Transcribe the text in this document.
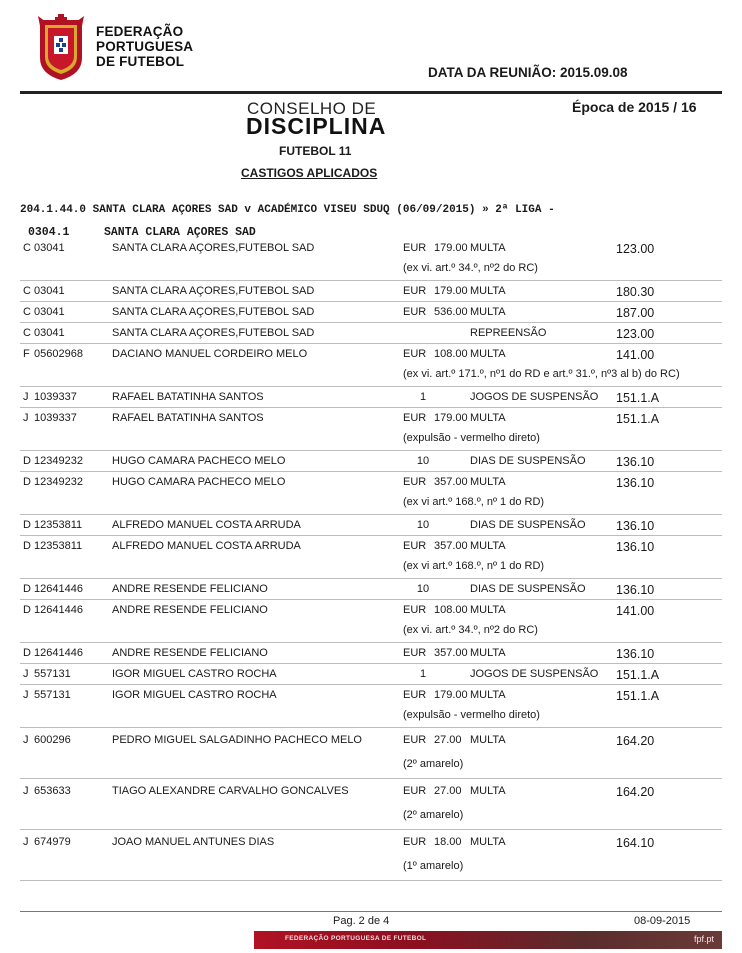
FEDERAÇÃO
PORTUGUESA
DE FUTEBOL
DATA DA REUNIÃO: 2015.09.08
CONSELHO DE
DISCIPLINA
Época de 2015 / 16
FUTEBOL 11
CASTIGOS APLICADOS
204.1.44.0 SANTA CLARA AÇORES SAD v ACADÉMICO VISEU SDUQ (06/09/2015) » 2ª LIGA -
0304.1	SANTA CLARA AÇORES SAD
C 03041	SANTA CLARA AÇORES,FUTEBOL SAD	EUR 179.00 MULTA	123.00
(ex vi. art.º 34.º, nº2 do RC)
C 03041	SANTA CLARA AÇORES,FUTEBOL SAD	EUR 179.00 MULTA	180.30
C 03041	SANTA CLARA AÇORES,FUTEBOL SAD	EUR 536.00 MULTA	187.00
C 03041	SANTA CLARA AÇORES,FUTEBOL SAD	REPREENSÃO	123.00
F 05602968	DACIANO MANUEL CORDEIRO MELO	EUR 108.00 MULTA	141.00
(ex vi. art.º 171.º, nº1 do RD e art.º 31.º, nº3 al b) do RC)
J 1039337	RAFAEL BATATINHA SANTOS	1	JOGOS DE SUSPENSÃO 151.1.A
J 1039337	RAFAEL BATATINHA SANTOS	EUR 179.00 MULTA	151.1.A
(expulsão - vermelho direto)
D 12349232	HUGO CAMARA PACHECO MELO	10	DIAS DE SUSPENSÃO 136.10
D 12349232	HUGO CAMARA PACHECO MELO	EUR 357.00 MULTA	136.10
(ex vi art.º 168.º, nº 1 do RD)
D 12353811	ALFREDO MANUEL COSTA ARRUDA	10	DIAS DE SUSPENSÃO 136.10
D 12353811	ALFREDO MANUEL COSTA ARRUDA	EUR 357.00 MULTA	136.10
(ex vi art.º 168.º, nº 1 do RD)
D 12641446	ANDRE RESENDE FELICIANO	10	DIAS DE SUSPENSÃO 136.10
D 12641446	ANDRE RESENDE FELICIANO	EUR 108.00 MULTA	141.00
(ex vi. art.º 34.º, nº2 do RC)
D 12641446	ANDRE RESENDE FELICIANO	EUR 357.00 MULTA	136.10
J 557131	IGOR MIGUEL CASTRO ROCHA	1	JOGOS DE SUSPENSÃO 151.1.A
J 557131	IGOR MIGUEL CASTRO ROCHA	EUR 179.00 MULTA	151.1.A
(expulsão - vermelho direto)
J 600296	PEDRO MIGUEL SALGADINHO PACHECO MELO	EUR 27.00 MULTA	164.20
(2º amarelo)
J 653633	TIAGO ALEXANDRE CARVALHO GONCALVES	EUR 27.00 MULTA	164.20
(2º amarelo)
J 674979	JOAO MANUEL ANTUNES DIAS	EUR 18.00 MULTA	164.10
(1º amarelo)
Pag. 2 de 4	08-09-2015
FEDERAÇÃO PORTUGUESA DE FUTEBOL	fpf.pt
